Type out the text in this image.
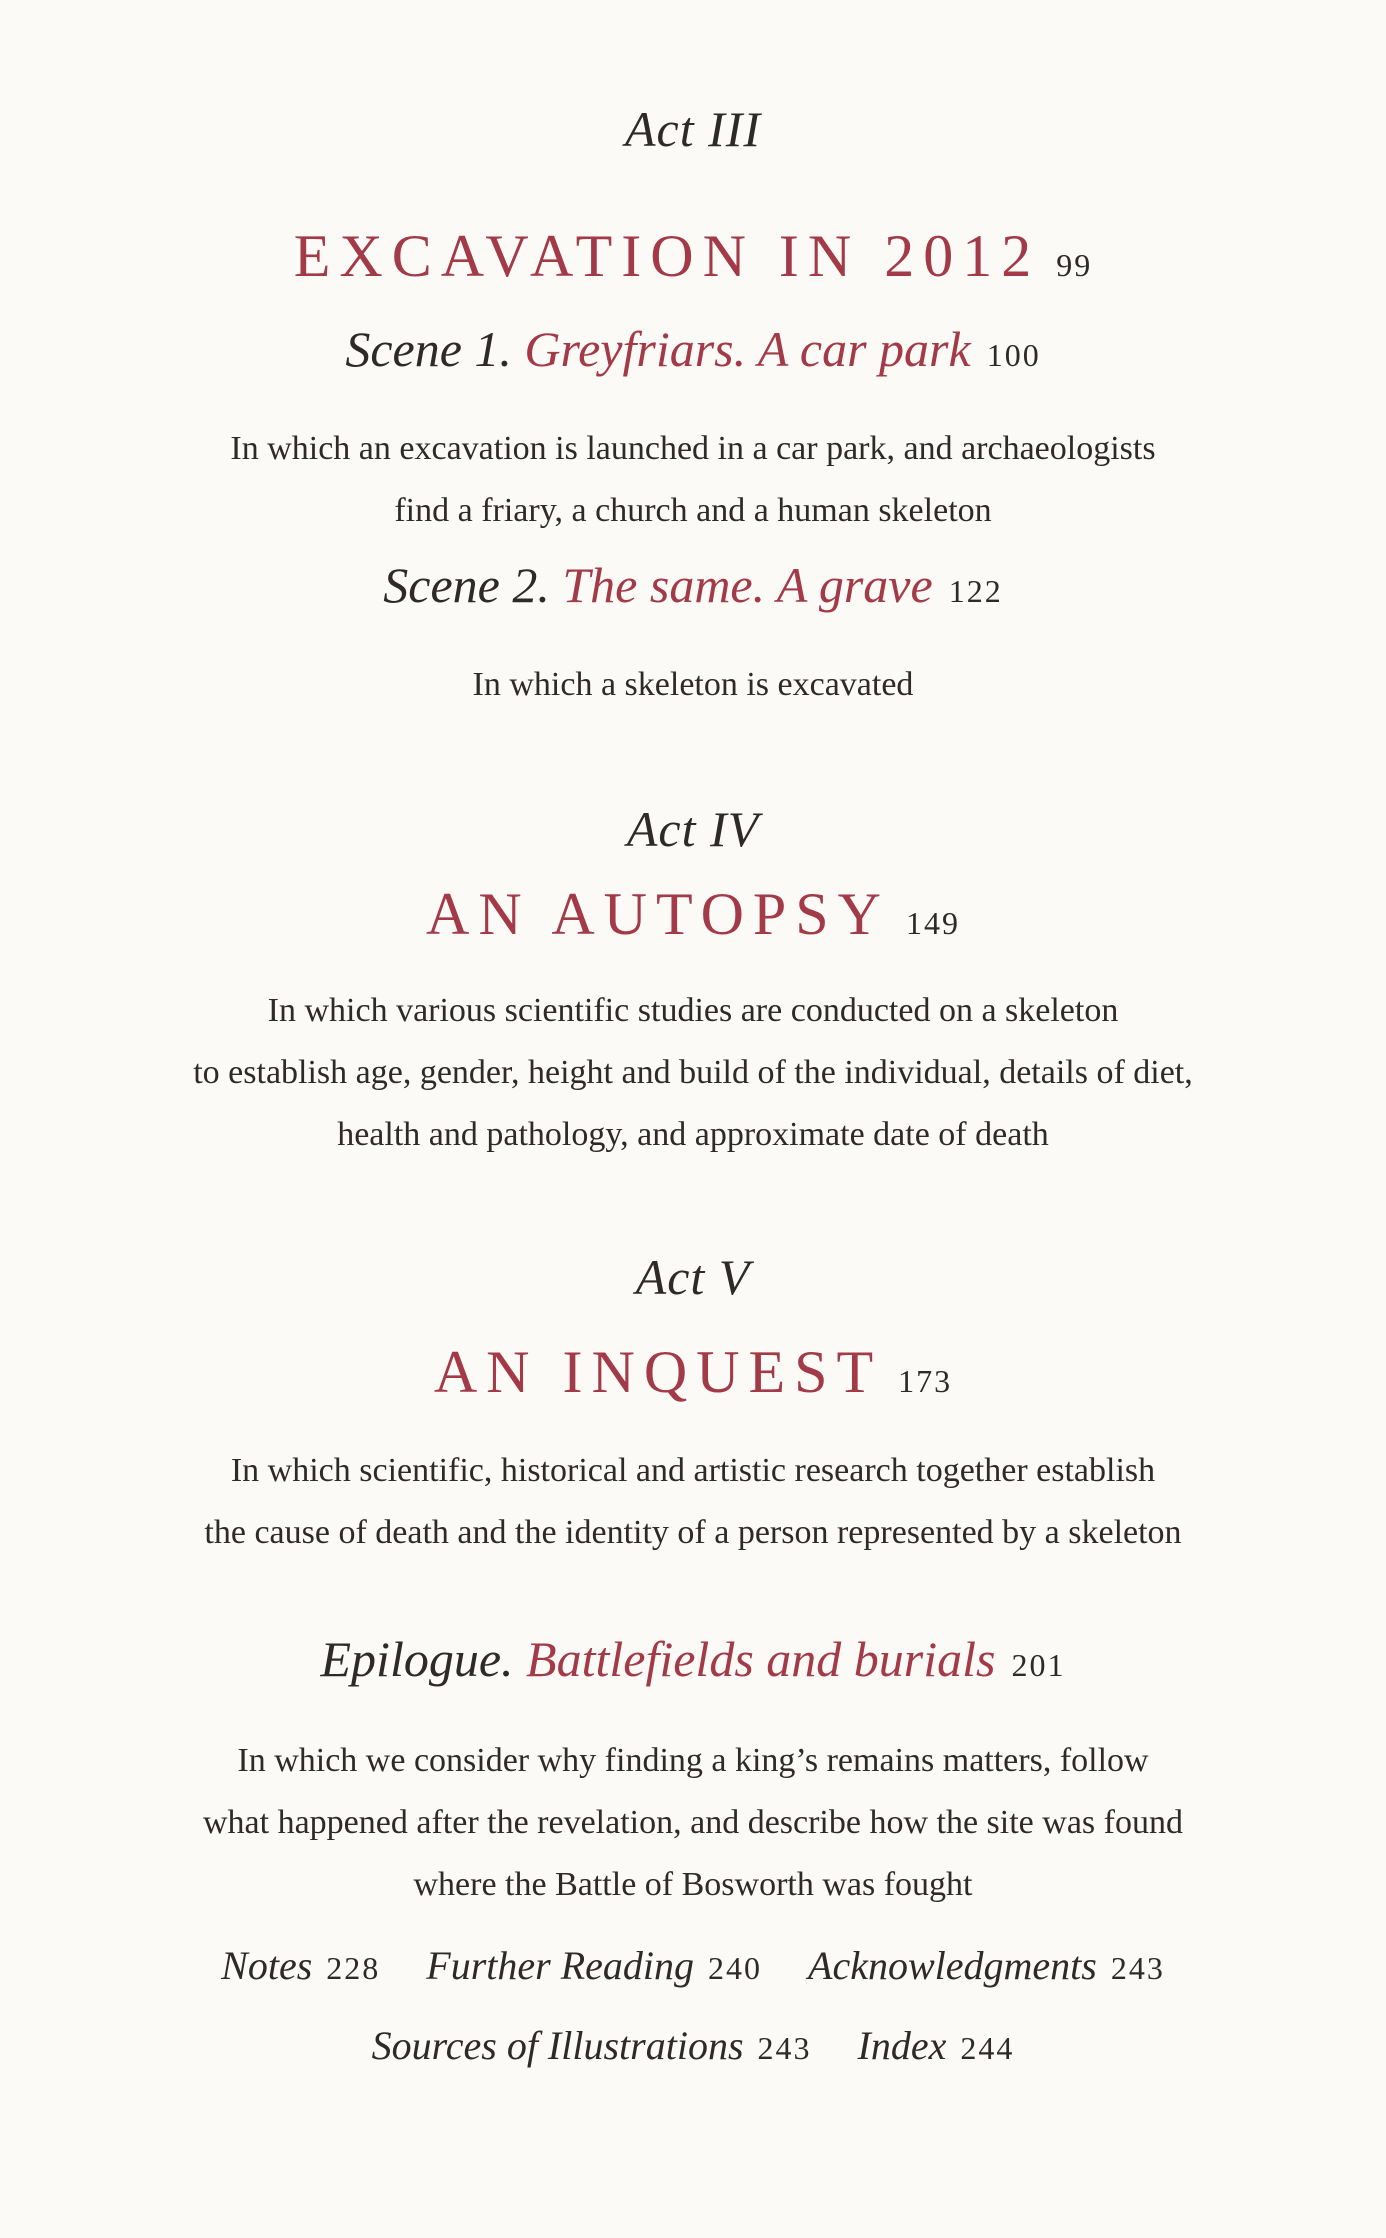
Act III
EXCAVATION IN 2012 99
Scene 1. Greyfriars. A car park 100
In which an excavation is launched in a car park, and archaeologists
find a friary, a church and a human skeleton
Scene 2. The same. A grave 122
In which a skeleton is excavated
Act IV
AN AUTOPSY 149
In which various scientific studies are conducted on a skeleton
to establish age, gender, height and build of the individual, details of diet,
health and pathology, and approximate date of death
Act V
AN INQUEST 173
In which scientific, historical and artistic research together establish
the cause of death and the identity of a person represented by a skeleton
Epilogue. Battlefields and burials 201
In which we consider why finding a king’s remains matters, follow
what happened after the revelation, and describe how the site was found
where the Battle of Bosworth was fought
Notes 228 Further Reading 240 Acknowledgments 243
Sources of Illustrations 243 Index 244
